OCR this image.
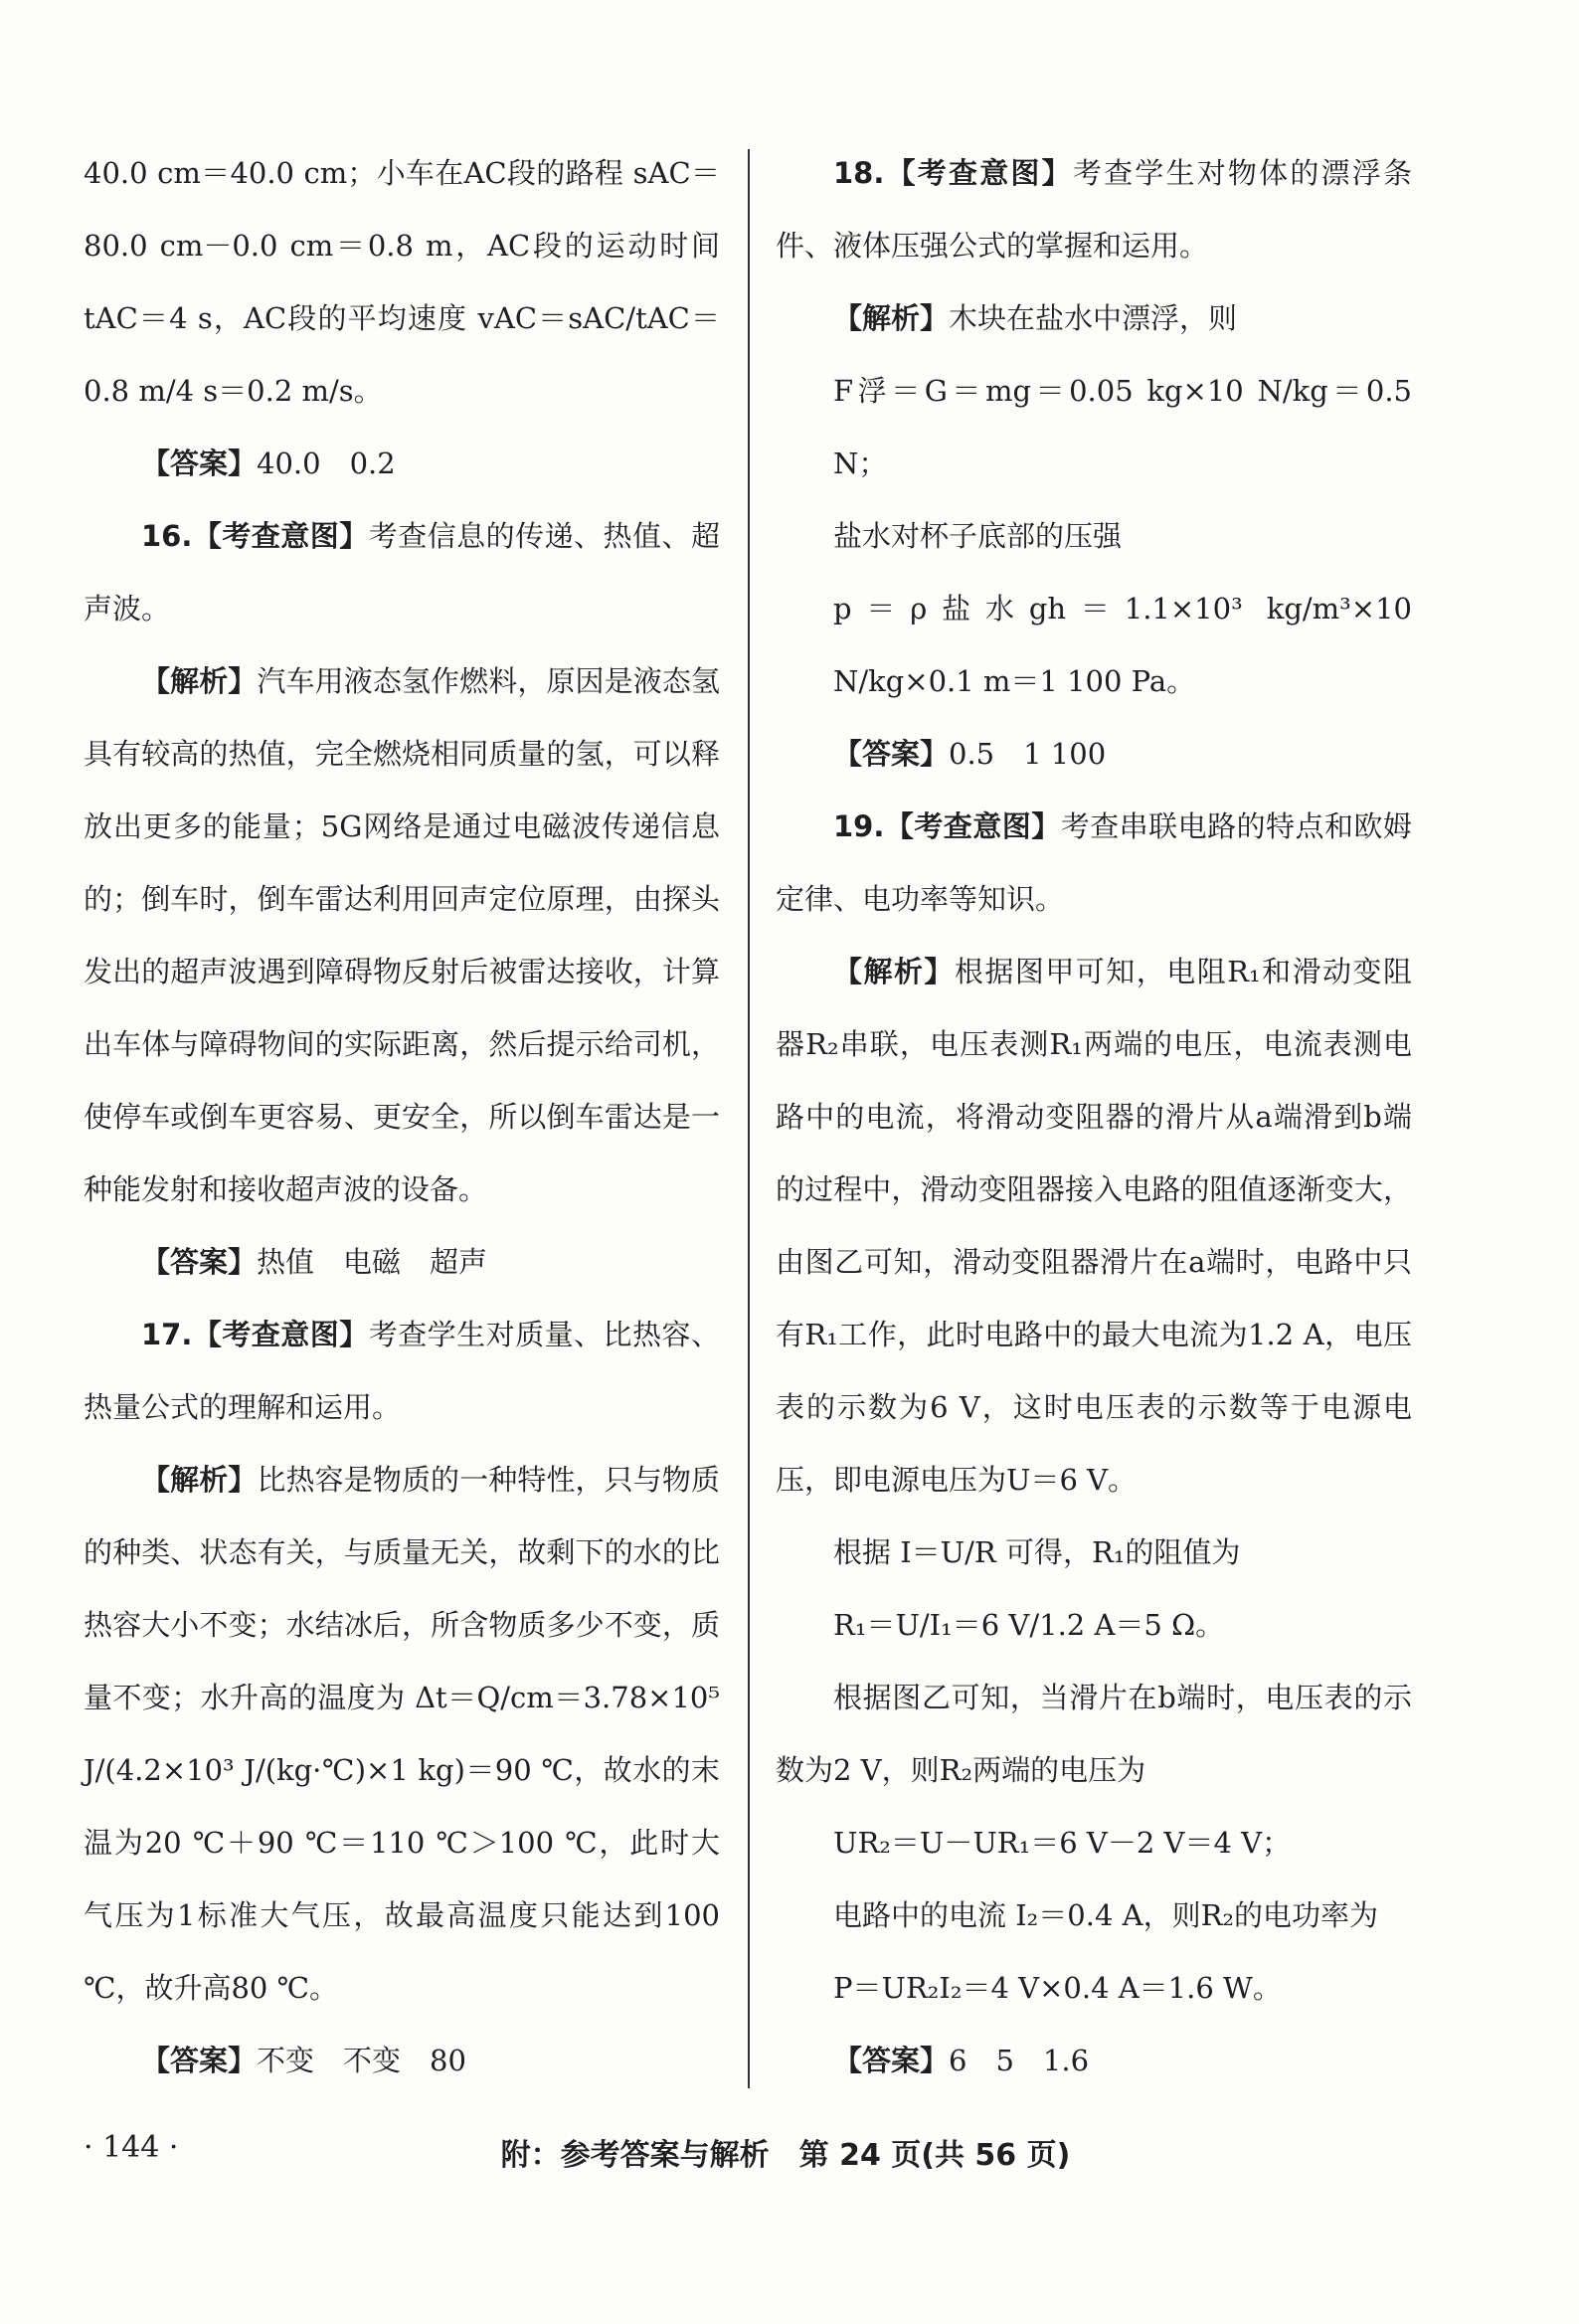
40.0 cm＝40.0 cm；小车在AC段的路程 sAC＝80.0 cm－0.0 cm＝0.8 m，AC段的运动时间 tAC＝4 s，AC段的平均速度 vAC＝sAC/tAC＝0.8 m/4 s＝0.2 m/s。

【答案】40.0　0.2

16.【考查意图】考查信息的传递、热值、超声波。

【解析】汽车用液态氢作燃料，原因是液态氢具有较高的热值，完全燃烧相同质量的氢，可以释放出更多的能量；5G网络是通过电磁波传递信息的；倒车时，倒车雷达利用回声定位原理，由探头发出的超声波遇到障碍物反射后被雷达接收，计算出车体与障碍物间的实际距离，然后提示给司机，使停车或倒车更容易、更安全，所以倒车雷达是一种能发射和接收超声波的设备。

【答案】热值　电磁　超声

17.【考查意图】考查学生对质量、比热容、热量公式的理解和运用。

【解析】比热容是物质的一种特性，只与物质的种类、状态有关，与质量无关，故剩下的水的比热容大小不变；水结冰后，所含物质多少不变，质量不变；水升高的温度为 Δt＝Q/cm＝3.78×10⁵ J/(4.2×10³ J/(kg·℃)×1 kg)＝90 ℃，故水的末温为20 ℃＋90 ℃＝110 ℃＞100 ℃，此时大气压为1标准大气压，故最高温度只能达到100 ℃，故升高80 ℃。

【答案】不变　不变　80

18.【考查意图】考查学生对物体的漂浮条件、液体压强公式的掌握和运用。

【解析】木块在盐水中漂浮，则

F浮＝G＝mg＝0.05 kg×10 N/kg＝0.5 N；

盐水对杯子底部的压强

p＝ρ盐水gh＝1.1×10³ kg/m³×10 N/kg×0.1 m＝1 100 Pa。

【答案】0.5　1 100

19.【考查意图】考查串联电路的特点和欧姆定律、电功率等知识。

【解析】根据图甲可知，电阻R₁和滑动变阻器R₂串联，电压表测R₁两端的电压，电流表测电路中的电流，将滑动变阻器的滑片从a端滑到b端的过程中，滑动变阻器接入电路的阻值逐渐变大，由图乙可知，滑动变阻器滑片在a端时，电路中只有R₁工作，此时电路中的最大电流为1.2 A，电压表的示数为6 V，这时电压表的示数等于电源电压，即电源电压为U＝6 V。

根据 I＝U/R 可得，R₁的阻值为

R₁＝U/I₁＝6 V/1.2 A＝5 Ω。

根据图乙可知，当滑片在b端时，电压表的示数为2 V，则R₂两端的电压为

UR₂＝U－UR₁＝6 V－2 V＝4 V；

电路中的电流 I₂＝0.4 A，则R₂的电功率为

P＝UR₂I₂＝4 V×0.4 A＝1.6 W。

【答案】6　5　1.6

· 144 ·	附：参考答案与解析　第 24 页(共 56 页)
